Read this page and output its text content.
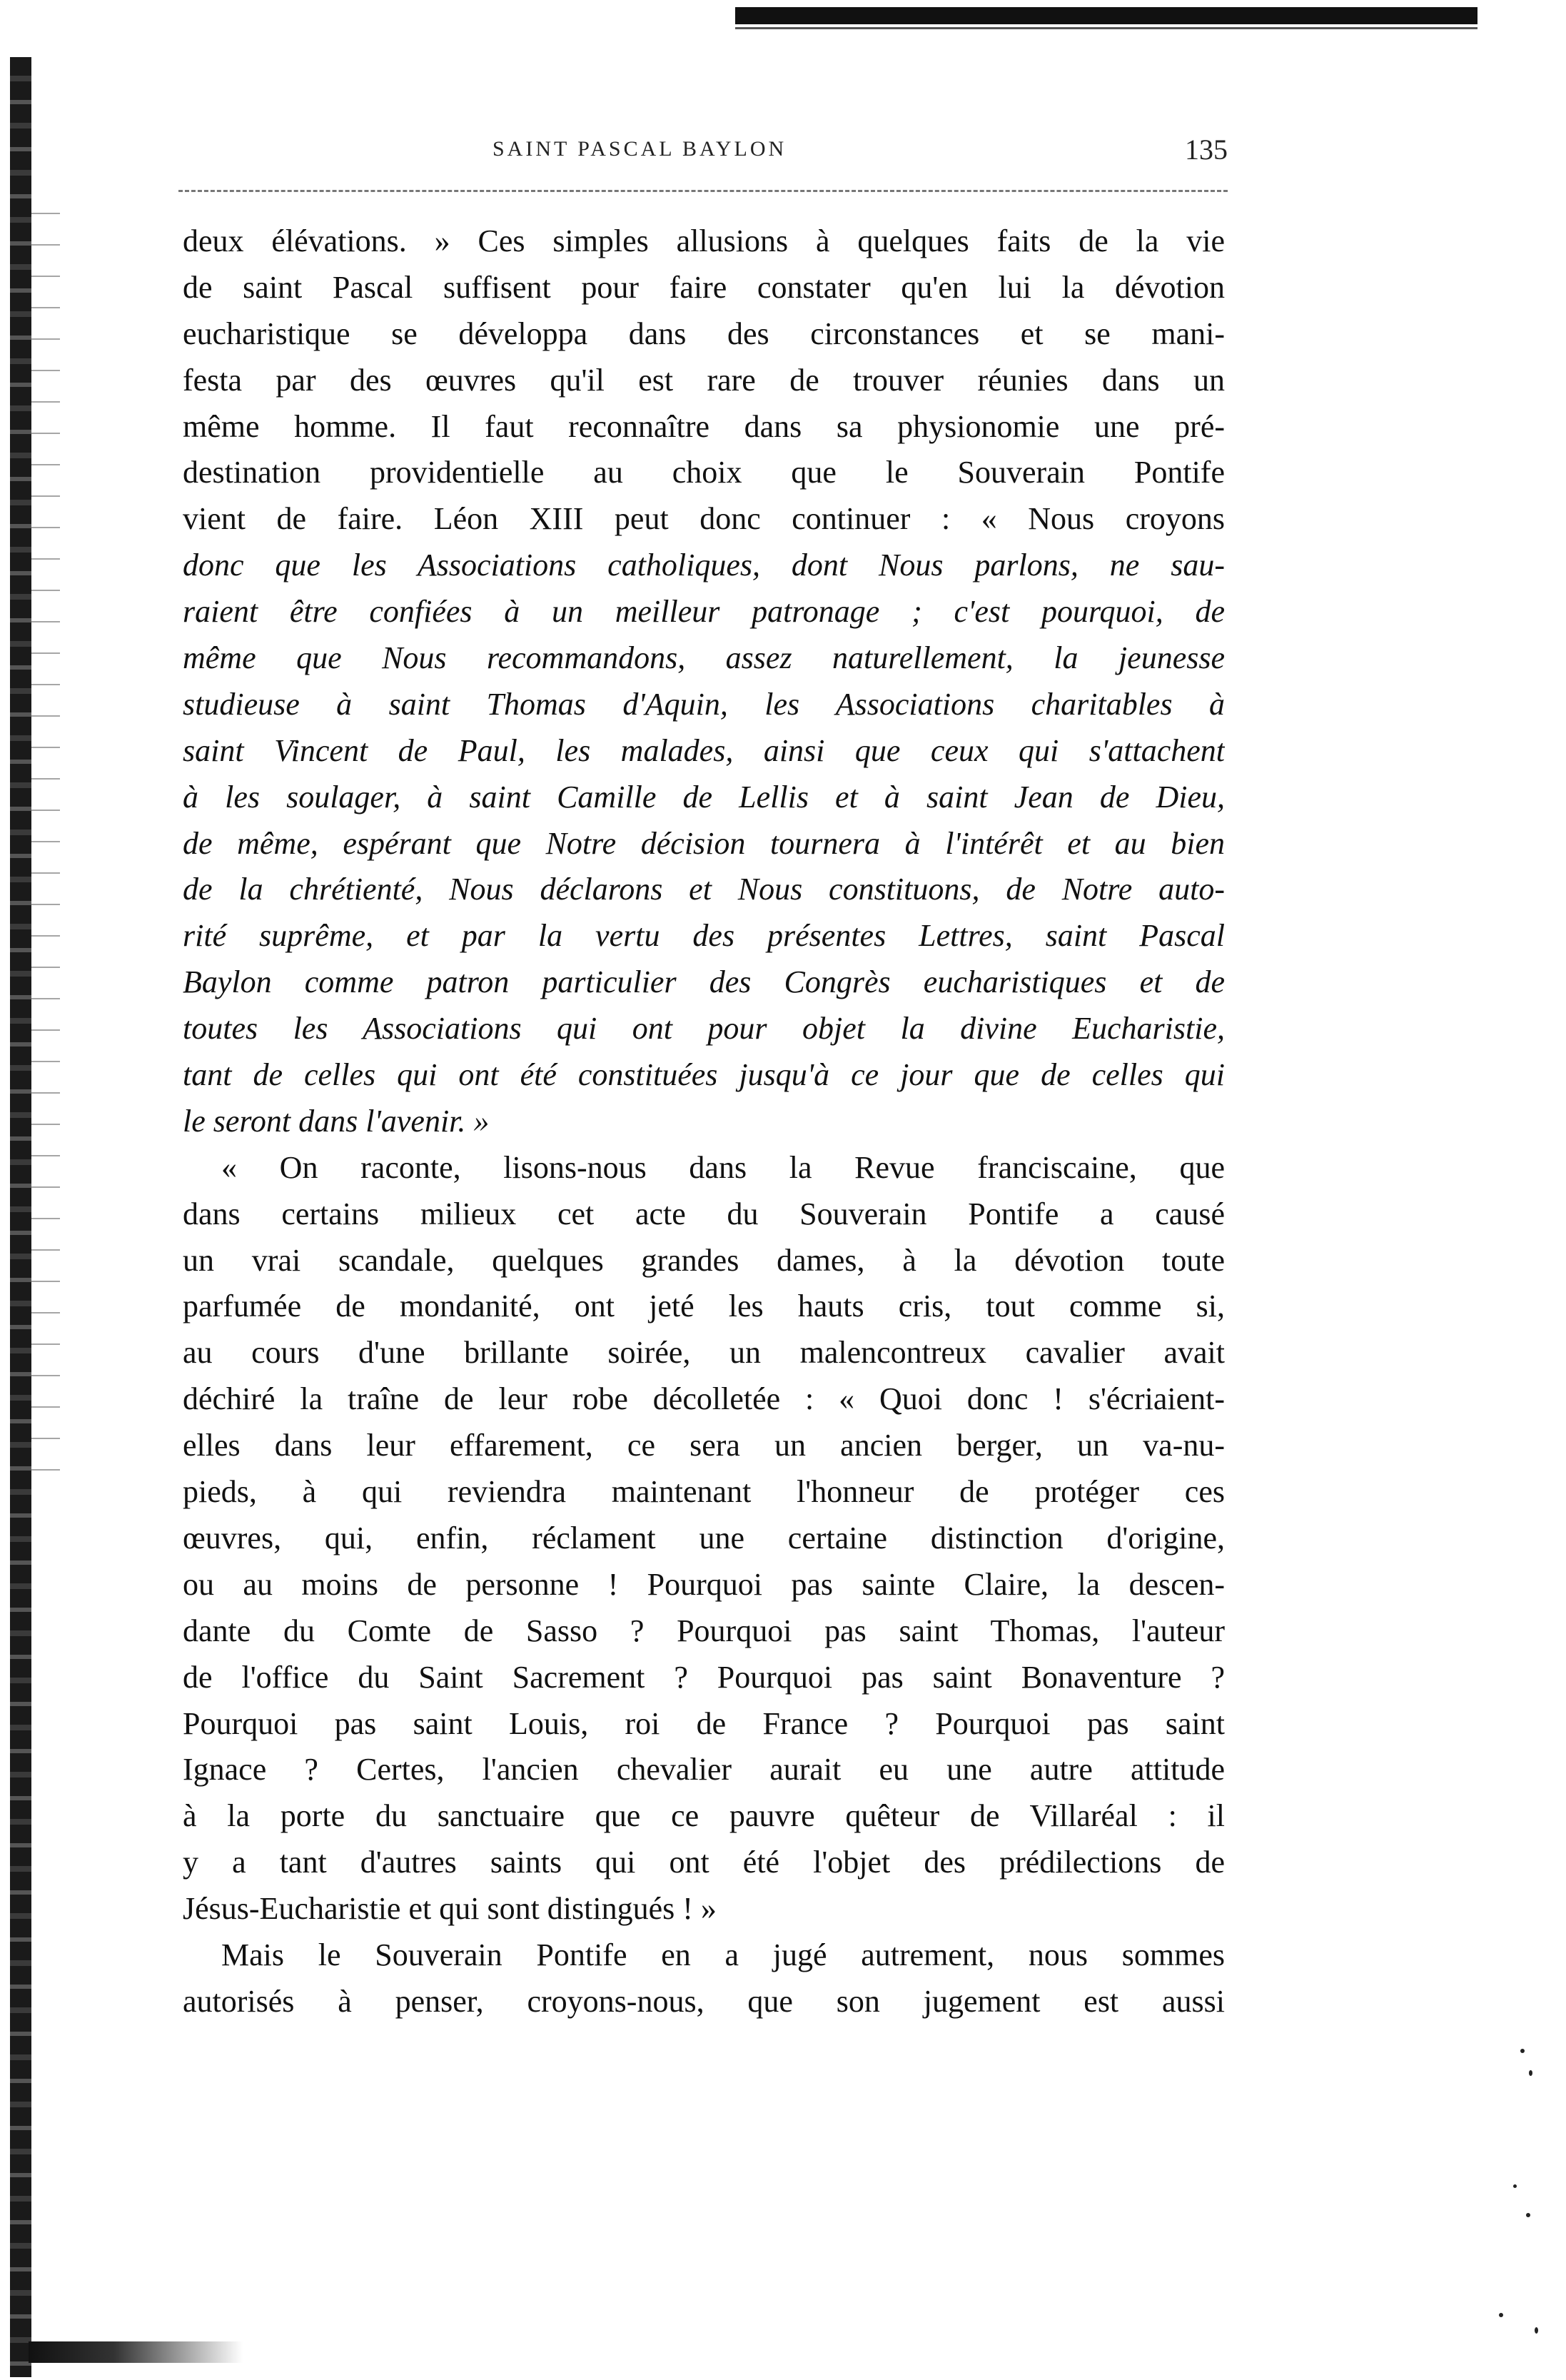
SAINT PASCAL BAYLON	135
deux élévations. » Ces simples allusions à quelques faits de la vie
de saint Pascal suffisent pour faire constater qu'en lui la dévotion
eucharistique se développa dans des circonstances et se mani-
festa par des œuvres qu'il est rare de trouver réunies dans un
même homme. Il faut reconnaître dans sa physionomie une pré-
destination providentielle au choix que le Souverain Pontife
vient de faire. Léon XIII peut donc continuer : « Nous croyons
donc que les Associations catholiques, dont Nous parlons, ne sau-
raient être confiées à un meilleur patronage ; c'est pourquoi, de
même que Nous recommandons, assez naturellement, la jeunesse
studieuse à saint Thomas d'Aquin, les Associations charitables à
saint Vincent de Paul, les malades, ainsi que ceux qui s'attachent
à les soulager, à saint Camille de Lellis et à saint Jean de Dieu,
de même, espérant que Notre décision tournera à l'intérêt et au bien
de la chrétienté, Nous déclarons et Nous constituons, de Notre auto-
rité suprême, et par la vertu des présentes Lettres, saint Pascal
Baylon comme patron particulier des Congrès eucharistiques et de
toutes les Associations qui ont pour objet la divine Eucharistie,
tant de celles qui ont été constituées jusqu'à ce jour que de celles qui
le seront dans l'avenir. »
« On raconte, lisons-nous dans la Revue franciscaine, que
dans certains milieux cet acte du Souverain Pontife a causé
un vrai scandale, quelques grandes dames, à la dévotion toute
parfumée de mondanité, ont jeté les hauts cris, tout comme si,
au cours d'une brillante soirée, un malencontreux cavalier avait
déchiré la traîne de leur robe décolletée : « Quoi donc ! s'écriaient-
elles dans leur effarement, ce sera un ancien berger, un va-nu-
pieds, à qui reviendra maintenant l'honneur de protéger ces
œuvres, qui, enfin, réclament une certaine distinction d'origine,
ou au moins de personne ! Pourquoi pas sainte Claire, la descen-
dante du Comte de Sasso ? Pourquoi pas saint Thomas, l'auteur
de l'office du Saint Sacrement ? Pourquoi pas saint Bonaventure ?
Pourquoi pas saint Louis, roi de France ? Pourquoi pas saint
Ignace ? Certes, l'ancien chevalier aurait eu une autre attitude
à la porte du sanctuaire que ce pauvre quêteur de Villaréal : il
y a tant d'autres saints qui ont été l'objet des prédilections de
Jésus-Eucharistie et qui sont distingués ! »
Mais le Souverain Pontife en a jugé autrement, nous sommes
autorisés à penser, croyons-nous, que son jugement est aussi
